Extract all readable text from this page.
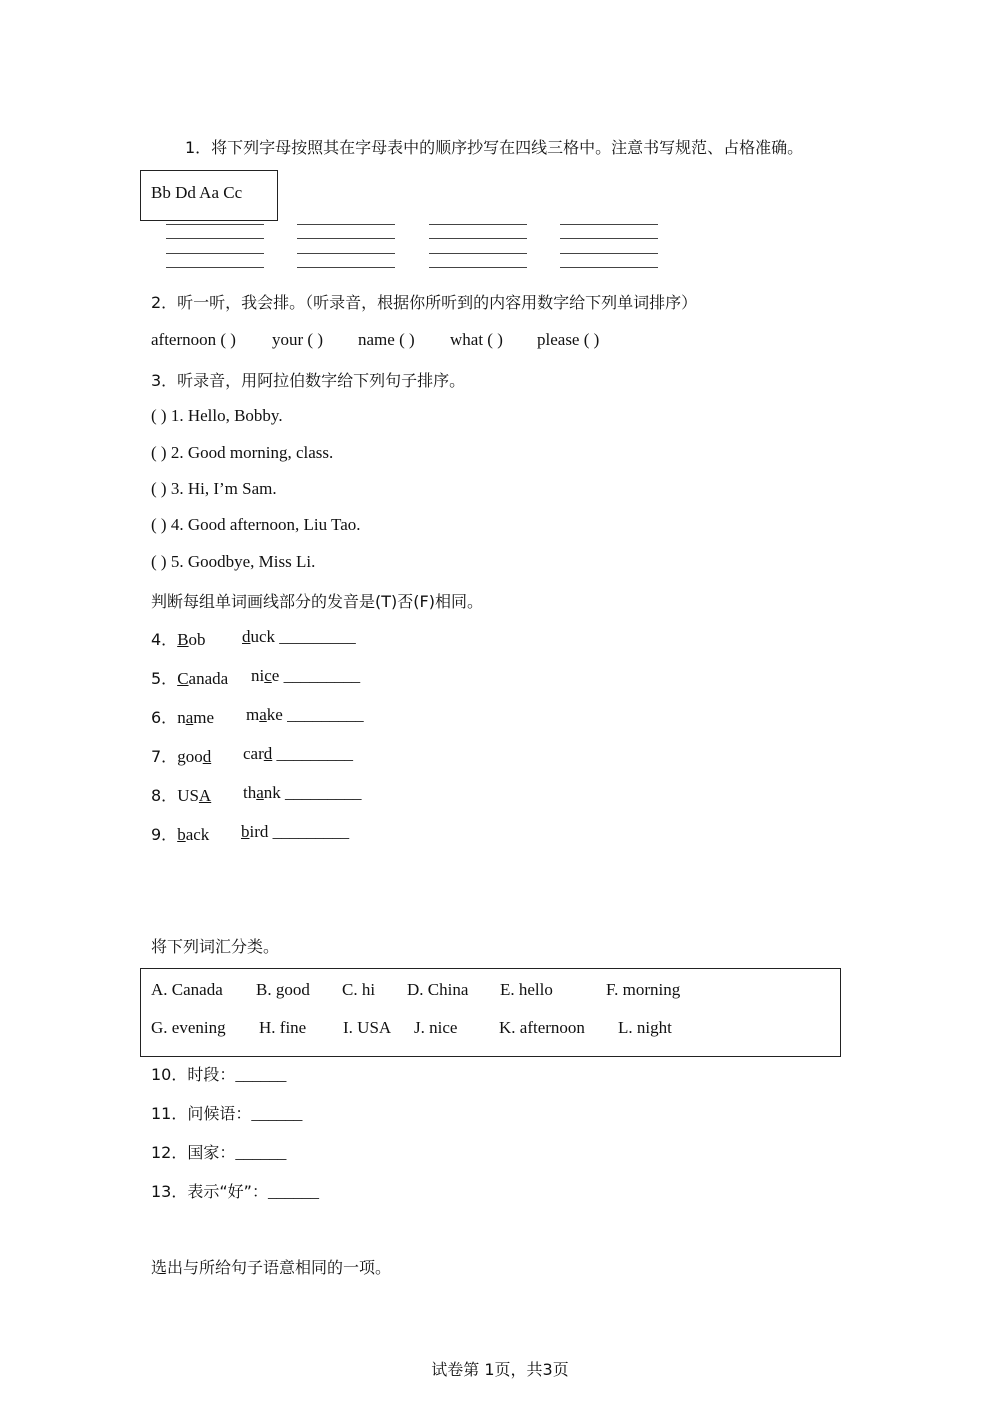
1．将下列字母按照其在字母表中的顺序抄写在四线三格中。注意书写规范、占格准确。
Bb Dd Aa Cc
2．听一听，我会排。（听录音，根据你所听到的内容用数字给下列单词排序）
afternoon ( ) your ( ) name ( ) what ( ) please ( )
3．听录音，用阿拉伯数字给下列句子排序。
( ) 1. Hello, Bobby.
( ) 2. Good morning, class.
( ) 3. Hi, I’m Sam.
( ) 4. Good afternoon, Liu Tao.
( ) 5. Goodbye, Miss Li.
判断每组单词画线部分的发音是(T)否(F)相同。
4．Bob duck _________
5．Canada nice _________
6．name make _________
7．good card _________
8．USA thank _________
9．back bird _________
将下列词汇分类。
A. Canada B. good C. hi D. China E. hello	F. morning
G. evening H. fine I. USA J. nice K. afternoon L. night
10．时段：______
11．问候语：______
12．国家：______
13．表示“好”：______
选出与所给句子语意相同的一项。
试卷第 1页，共3页
